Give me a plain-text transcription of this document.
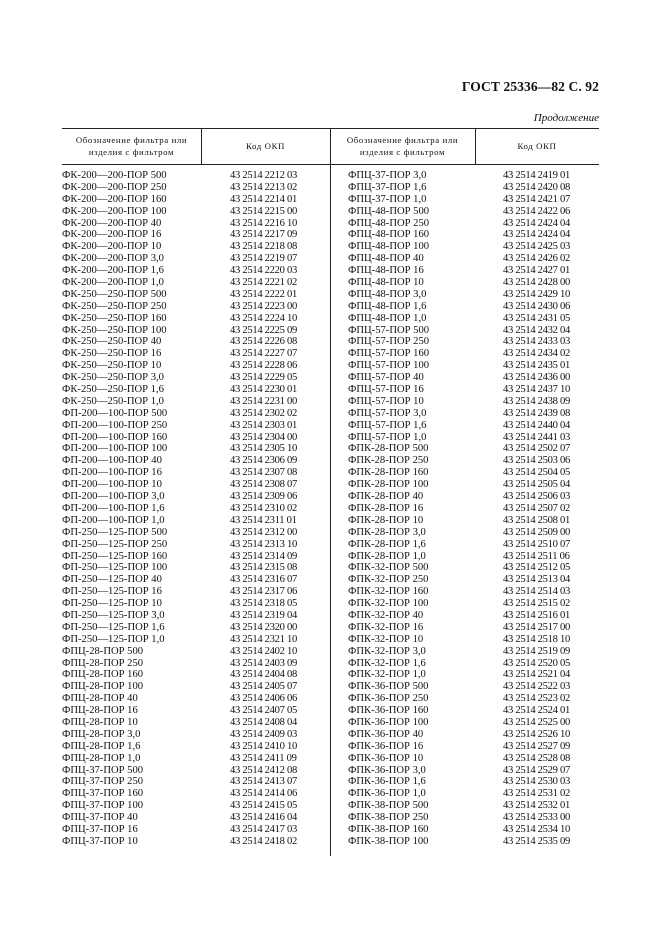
ГОСТ 25336—82 С. 92
Продолжение
Обозначение фильтра или изделия с фильтром
Код ОКП
Обозначение фильтра или изделия с фильтром
Код ОКП
ФК-200—200-ПОР 500
ФК-200—200-ПОР 250
ФК-200—200-ПОР 160
ФК-200—200-ПОР 100
ФК-200—200-ПОР 40
ФК-200—200-ПОР 16
ФК-200—200-ПОР 10
ФК-200—200-ПОР 3,0
ФК-200—200-ПОР 1,6
ФК-200—200-ПОР 1,0
ФК-250—250-ПОР 500
ФК-250—250-ПОР 250
ФК-250—250-ПОР 160
ФК-250—250-ПОР 100
ФК-250—250-ПОР 40
ФК-250—250-ПОР 16
ФК-250—250-ПОР 10
ФК-250—250-ПОР 3,0
ФК-250—250-ПОР 1,6
ФК-250—250-ПОР 1,0
ФП-200—100-ПОР 500
ФП-200—100-ПОР 250
ФП-200—100-ПОР 160
ФП-200—100-ПОР 100
ФП-200—100-ПОР 40
ФП-200—100-ПОР 16
ФП-200—100-ПОР 10
ФП-200—100-ПОР 3,0
ФП-200—100-ПОР 1,6
ФП-200—100-ПОР 1,0
ФП-250—125-ПОР 500
ФП-250—125-ПОР 250
ФП-250—125-ПОР 160
ФП-250—125-ПОР 100
ФП-250—125-ПОР 40
ФП-250—125-ПОР 16
ФП-250—125-ПОР 10
ФП-250—125-ПОР 3,0
ФП-250—125-ПОР 1,6
ФП-250—125-ПОР 1,0
ФПЦ-28-ПОР 500
ФПЦ-28-ПОР 250
ФПЦ-28-ПОР 160
ФПЦ-28-ПОР 100
ФПЦ-28-ПОР 40
ФПЦ-28-ПОР 16
ФПЦ-28-ПОР 10
ФПЦ-28-ПОР 3,0
ФПЦ-28-ПОР 1,6
ФПЦ-28-ПОР 1,0
ФПЦ-37-ПОР 500
ФПЦ-37-ПОР 250
ФПЦ-37-ПОР 160
ФПЦ-37-ПОР 100
ФПЦ-37-ПОР 40
ФПЦ-37-ПОР 16
ФПЦ-37-ПОР 10
43 2514 2212 03
43 2514 2213 02
43 2514 2214 01
43 2514 2215 00
43 2514 2216 10
43 2514 2217 09
43 2514 2218 08
43 2514 2219 07
43 2514 2220 03
43 2514 2221 02
43 2514 2222 01
43 2514 2223 00
43 2514 2224 10
43 2514 2225 09
43 2514 2226 08
43 2514 2227 07
43 2514 2228 06
43 2514 2229 05
43 2514 2230 01
43 2514 2231 00
43 2514 2302 02
43 2514 2303 01
43 2514 2304 00
43 2514 2305 10
43 2514 2306 09
43 2514 2307 08
43 2514 2308 07
43 2514 2309 06
43 2514 2310 02
43 2514 2311 01
43 2514 2312 00
43 2514 2313 10
43 2514 2314 09
43 2514 2315 08
43 2514 2316 07
43 2514 2317 06
43 2514 2318 05
43 2514 2319 04
43 2514 2320 00
43 2514 2321 10
43 2514 2402 10
43 2514 2403 09
43 2514 2404 08
43 2514 2405 07
43 2514 2406 06
43 2514 2407 05
43 2514 2408 04
43 2514 2409 03
43 2514 2410 10
43 2514 2411 09
43 2514 2412 08
43 2514 2413 07
43 2514 2414 06
43 2514 2415 05
43 2514 2416 04
43 2514 2417 03
43 2514 2418 02
ФПЦ-37-ПОР 3,0
ФПЦ-37-ПОР 1,6
ФПЦ-37-ПОР 1,0
ФПЦ-48-ПОР 500
ФПЦ-48-ПОР 250
ФПЦ-48-ПОР 160
ФПЦ-48-ПОР 100
ФПЦ-48-ПОР 40
ФПЦ-48-ПОР 16
ФПЦ-48-ПОР 10
ФПЦ-48-ПОР 3,0
ФПЦ-48-ПОР 1,6
ФПЦ-48-ПОР 1,0
ФПЦ-57-ПОР 500
ФПЦ-57-ПОР 250
ФПЦ-57-ПОР 160
ФПЦ-57-ПОР 100
ФПЦ-57-ПОР 40
ФПЦ-57-ПОР 16
ФПЦ-57-ПОР 10
ФПЦ-57-ПОР 3,0
ФПЦ-57-ПОР 1,6
ФПЦ-57-ПОР 1,0
ФПК-28-ПОР 500
ФПК-28-ПОР 250
ФПК-28-ПОР 160
ФПК-28-ПОР 100
ФПК-28-ПОР 40
ФПК-28-ПОР 16
ФПК-28-ПОР 10
ФПК-28-ПОР 3,0
ФПК-28-ПОР 1,6
ФПК-28-ПОР 1,0
ФПК-32-ПОР 500
ФПК-32-ПОР 250
ФПК-32-ПОР 160
ФПК-32-ПОР 100
ФПК-32-ПОР 40
ФПК-32-ПОР 16
ФПК-32-ПОР 10
ФПК-32-ПОР 3,0
ФПК-32-ПОР 1,6
ФПК-32-ПОР 1,0
ФПК-36-ПОР 500
ФПК-36-ПОР 250
ФПК-36-ПОР 160
ФПК-36-ПОР 100
ФПК-36-ПОР 40
ФПК-36-ПОР 16
ФПК-36-ПОР 10
ФПК-36-ПОР 3,0
ФПК-36-ПОР 1,6
ФПК-36-ПОР 1,0
ФПК-38-ПОР 500
ФПК-38-ПОР 250
ФПК-38-ПОР 160
ФПК-38-ПОР 100
43 2514 2419 01
43 2514 2420 08
43 2514 2421 07
43 2514 2422 06
43 2514 2424 04
43 2514 2424 04
43 2514 2425 03
43 2514 2426 02
43 2514 2427 01
43 2514 2428 00
43 2514 2429 10
43 2514 2430 06
43 2514 2431 05
43 2514 2432 04
43 2514 2433 03
43 2514 2434 02
43 2514 2435 01
43 2514 2436 00
43 2514 2437 10
43 2514 2438 09
43 2514 2439 08
43 2514 2440 04
43 2514 2441 03
43 2514 2502 07
43 2514 2503 06
43 2514 2504 05
43 2514 2505 04
43 2514 2506 03
43 2514 2507 02
43 2514 2508 01
43 2514 2509 00
43 2514 2510 07
43 2514 2511 06
43 2514 2512 05
43 2514 2513 04
43 2514 2514 03
43 2514 2515 02
43 2514 2516 01
43 2514 2517 00
43 2514 2518 10
43 2514 2519 09
43 2514 2520 05
43 2514 2521 04
43 2514 2522 03
43 2514 2523 02
43 2514 2524 01
43 2514 2525 00
43 2514 2526 10
43 2514 2527 09
43 2514 2528 08
43 2514 2529 07
43 2514 2530 03
43 2514 2531 02
43 2514 2532 01
43 2514 2533 00
43 2514 2534 10
43 2514 2535 09
